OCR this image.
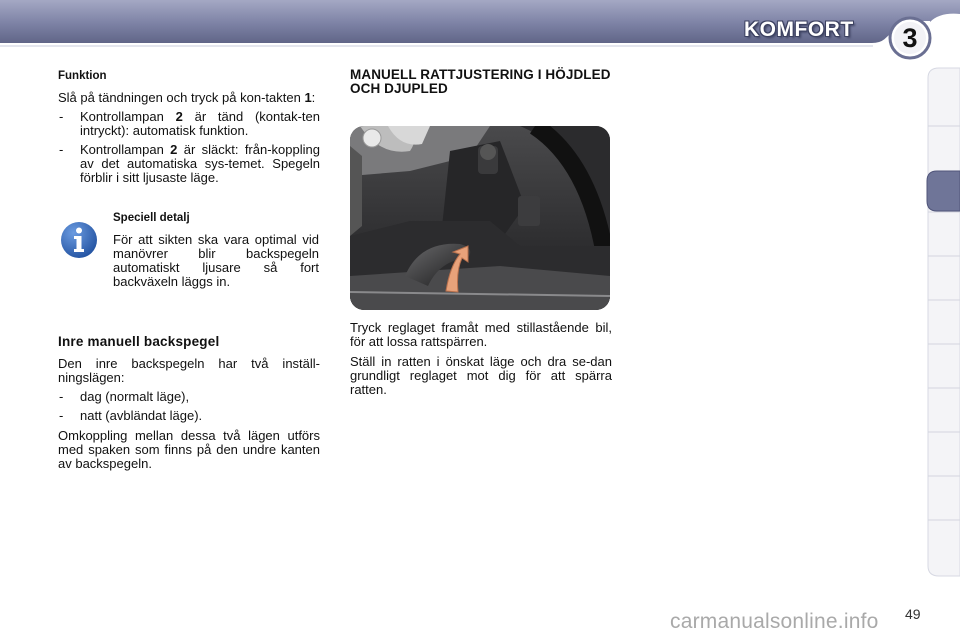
KOMFORT	3

Funktion

Slå på tändningen och tryck på kon-takten 1:

- Kontrollampan 2 är tänd (kontak-ten intryckt): automatisk funktion.
- Kontrollampan 2 är släckt: från-koppling av det automatiska sys-temet. Spegeln förblir i sitt ljusaste läge.

Speciell detalj

För att sikten ska vara optimal vid manövrer blir backspegeln automatiskt ljusare så fort backväxeln läggs in.

Inre manuell backspegel

Den inre backspegeln har två inställ-ningslägen:

- dag (normalt läge),
- natt (avbländat läge).

Omkoppling mellan dessa två lägen utförs med spaken som finns på den undre kanten av backspegeln.

MANUELL RATTJUSTERING I HÖJDLED OCH DJUPLED

Tryck reglaget framåt med stillastående bil, för att lossa rattspärren.

Ställ in ratten i önskat läge och dra se-dan grundligt reglaget mot dig för att spärra ratten.

49
carmanualsonline.info
